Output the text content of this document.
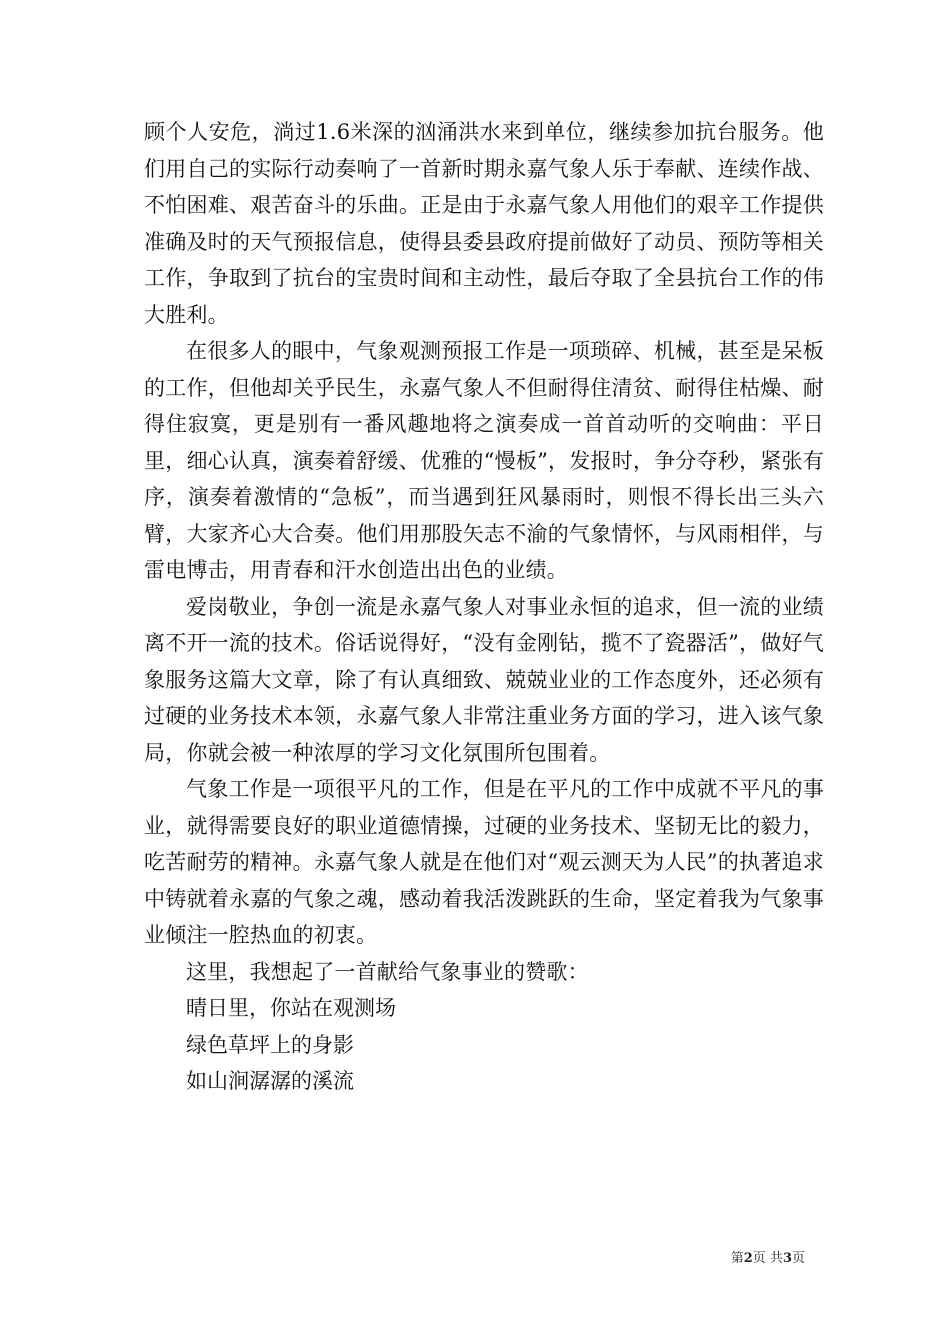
顾个人安危，淌过1.6米深的汹涌洪水来到单位，继续参加抗台服务。他们用自己的实际行动奏响了一首新时期永嘉气象人乐于奉献、连续作战、不怕困难、艰苦奋斗的乐曲。正是由于永嘉气象人用他们的艰辛工作提供准确及时的天气预报信息，使得县委县政府提前做好了动员、预防等相关工作，争取到了抗台的宝贵时间和主动性，最后夺取了全县抗台工作的伟大胜利。

在很多人的眼中，气象观测预报工作是一项琐碎、机械，甚至是呆板的工作，但他却关乎民生，永嘉气象人不但耐得住清贫、耐得住枯燥、耐得住寂寞，更是别有一番风趣地将之演奏成一首首动听的交响曲：平日里，细心认真，演奏着舒缓、优雅的“慢板”，发报时，争分夺秒，紧张有序，演奏着激情的“急板”，而当遇到狂风暴雨时，则恨不得长出三头六臂，大家齐心大合奏。他们用那股矢志不渝的气象情怀，与风雨相伴，与雷电博击，用青春和汗水创造出出色的业绩。

爱岗敬业，争创一流是永嘉气象人对事业永恒的追求，但一流的业绩离不开一流的技术。俗话说得好，“没有金刚钻，揽不了瓷器活”，做好气象服务这篇大文章，除了有认真细致、兢兢业业的工作态度外，还必须有过硬的业务技术本领，永嘉气象人非常注重业务方面的学习，进入该气象局，你就会被一种浓厚的学习文化氛围所包围着。

气象工作是一项很平凡的工作，但是在平凡的工作中成就不平凡的事业，就得需要良好的职业道德情操，过硬的业务技术、坚韧无比的毅力，吃苦耐劳的精神。永嘉气象人就是在他们对“观云测天为人民”的执著追求中铸就着永嘉的气象之魂，感动着我活泼跳跃的生命，坚定着我为气象事业倾注一腔热血的初衷。

这里，我想起了一首献给气象事业的赞歌：

晴日里，你站在观测场

绿色草坪上的身影

如山涧潺潺的溪流

第2页 共3页
